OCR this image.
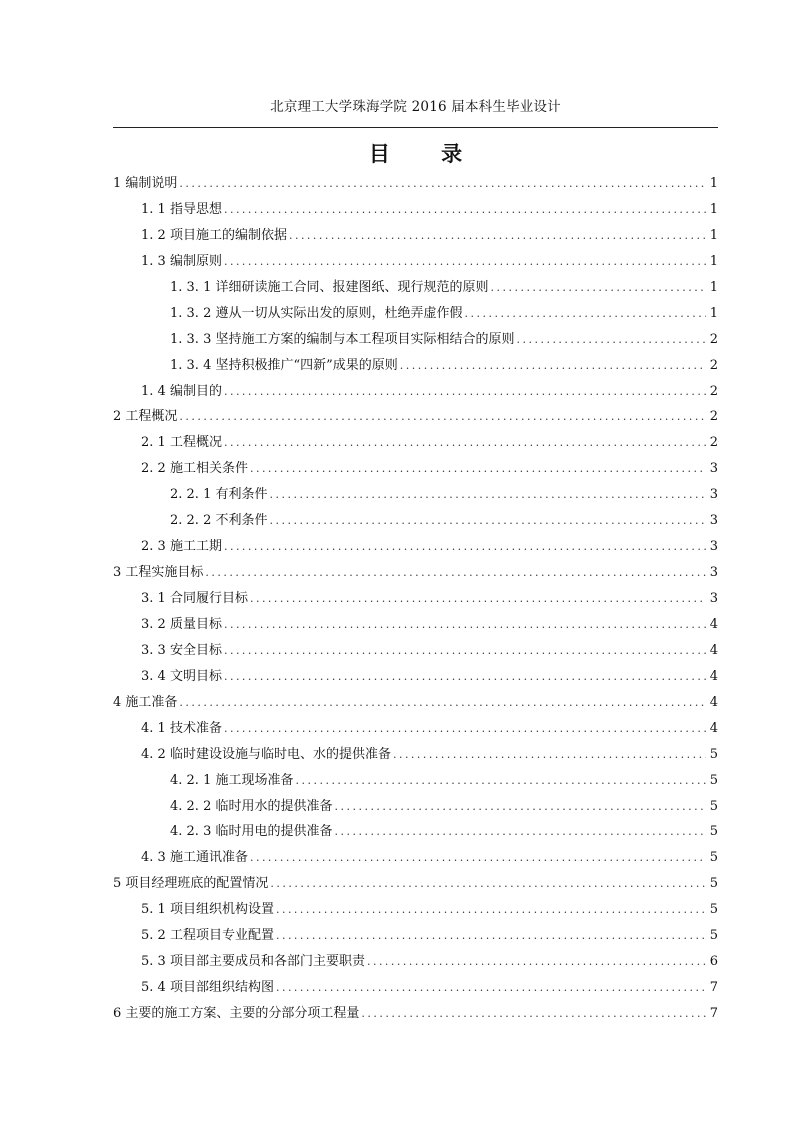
北京理工大学珠海学院 2016 届本科生毕业设计
目 录
1 编制说明 . . .	1
1. 1 指导思想 . . .	1
1. 2 项目施工的编制依据 . . .	1
1. 3 编制原则 . . .	1
1. 3. 1 详细研读施工合同、报建图纸、现行规范的原则 . . .	1
1. 3. 2 遵从一切从实际出发的原则，杜绝弄虚作假 . . .	1
1. 3. 3 坚持施工方案的编制与本工程项目实际相结合的原则 . . .	2
1. 3. 4 坚持积极推广“四新”成果的原则 . . .	2
1. 4 编制目的 . . .	2
2 工程概况 . . .	2
2. 1 工程概况 . . .	2
2. 2 施工相关条件 . . .	3
2. 2. 1 有利条件 . . .	3
2. 2. 2 不利条件 . . .	3
2. 3 施工工期 . . .	3
3 工程实施目标 . . .	3
3. 1 合同履行目标 . . .	3
3. 2 质量目标 . . .	4
3. 3 安全目标 . . .	4
3. 4 文明目标 . . .	4
4 施工准备 . . .	4
4. 1 技术准备 . . .	4
4. 2 临时建设设施与临时电、水的提供准备 . . .	5
4. 2. 1 施工现场准备 . . .	5
4. 2. 2 临时用水的提供准备 . . .	5
4. 2. 3 临时用电的提供准备 . . .	5
4. 3 施工通讯准备 . . .	5
5 项目经理班底的配置情况 . . .	5
5. 1 项目组织机构设置 . . .	5
5. 2 工程项目专业配置 . . .	5
5. 3 项目部主要成员和各部门主要职责 . . .	6
5. 4 项目部组织结构图 . . .	7
6 主要的施工方案、主要的分部分项工程量 . . .	7
